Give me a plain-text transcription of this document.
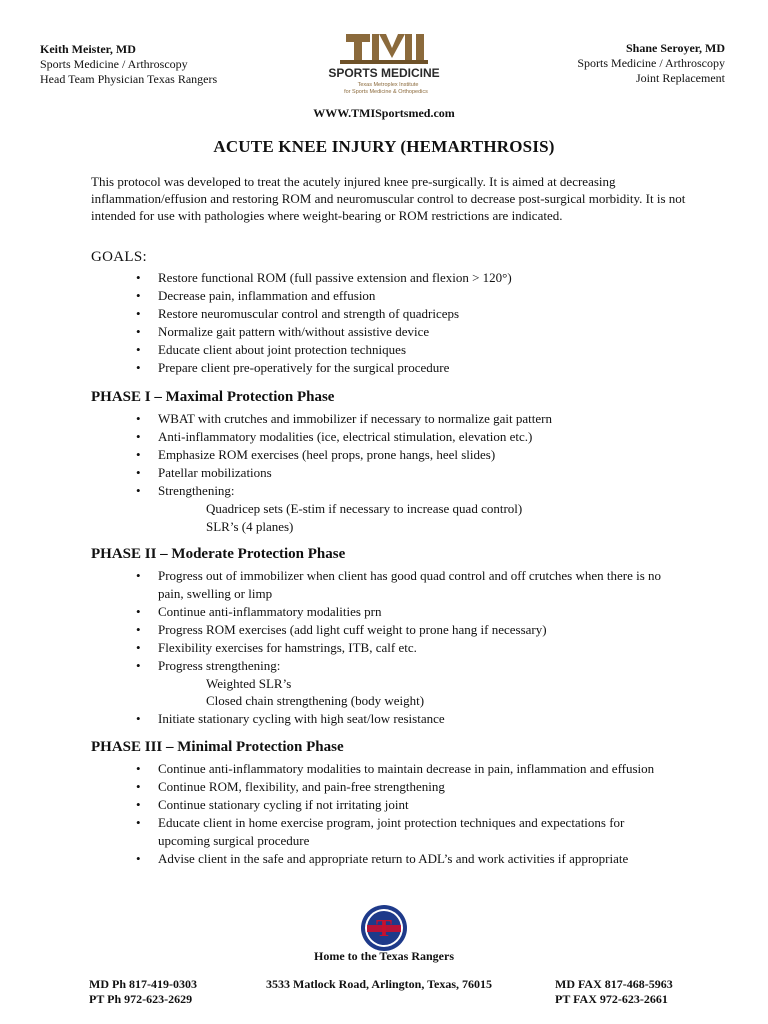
Keith Meister, MD
Sports Medicine / Arthroscopy
Head Team Physician Texas Rangers	SPORTS MEDICINE
Texas Metroplex Institute
for Sports Medicine & Orthopedics
WWW.TMISportsmed.com
Shane Seroyer, MD
Sports Medicine / Arthroscopy
Joint Replacement
ACUTE KNEE INJURY (HEMARTHROSIS)
This protocol was developed to treat the acutely injured knee pre-surgically. It is aimed at decreasing inflammation/effusion and restoring ROM and neuromuscular control to decrease post-surgical morbidity. It is not intended for use with pathologies where weight-bearing or ROM restrictions are indicated.
GOALS:
• Restore functional ROM (full passive extension and flexion > 120°)
• Decrease pain, inflammation and effusion
• Restore neuromuscular control and strength of quadriceps
• Normalize gait pattern with/without assistive device
• Educate client about joint protection techniques
• Prepare client pre-operatively for the surgical procedure
PHASE I – Maximal Protection Phase
• WBAT with crutches and immobilizer if necessary to normalize gait pattern
• Anti-inflammatory modalities (ice, electrical stimulation, elevation etc.)
• Emphasize ROM exercises (heel props, prone hangs, heel slides)
• Patellar mobilizations
• Strengthening:
Quadricep sets (E-stim if necessary to increase quad control)
SLR’s (4 planes)
PHASE II – Moderate Protection Phase
• Progress out of immobilizer when client has good quad control and off crutches when there is no pain, swelling or limp
• Continue anti-inflammatory modalities prn
• Progress ROM exercises (add light cuff weight to prone hang if necessary)
• Flexibility exercises for hamstrings, ITB, calf etc.
• Progress strengthening:
Weighted SLR’s
Closed chain strengthening (body weight)
• Initiate stationary cycling with high seat/low resistance
PHASE III – Minimal Protection Phase
• Continue anti-inflammatory modalities to maintain decrease in pain, inflammation and effusion
• Continue ROM, flexibility, and pain-free strengthening
• Continue stationary cycling if not irritating joint
• Educate client in home exercise program, joint protection techniques and expectations for upcoming surgical procedure
• Advise client in the safe and appropriate return to ADL’s and work activities if appropriate
Home to the Texas Rangers
MD Ph 817-419-0303
PT Ph 972-623-2629
3533 Matlock Road, Arlington, Texas, 76015	MD FAX 817-468-5963
PT FAX 972-623-2661
